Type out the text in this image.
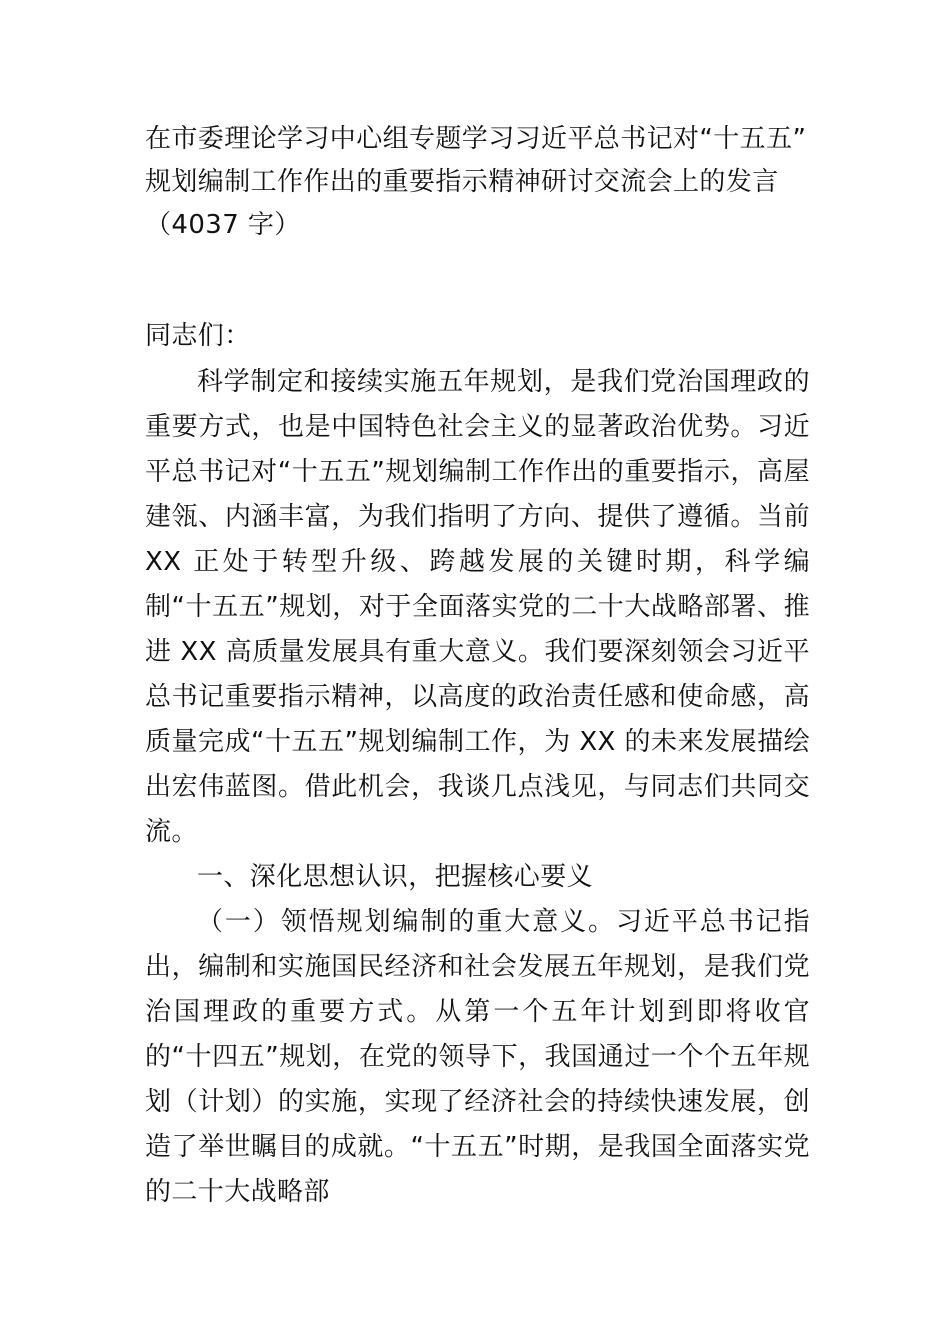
在市委理论学习中心组专题学习习近平总书记对“十五五”
规划编制工作作出的重要指示精神研讨交流会上的发言
（4037 字）

同志们：

科学制定和接续实施五年规划，是我们党治国理政的重要方式，也是中国特色社会主义的显著政治优势。习近平总书记对“十五五”规划编制工作作出的重要指示，高屋建瓴、内涵丰富，为我们指明了方向、提供了遵循。当前XX 正处于转型升级、跨越发展的关键时期，科学编制“十五五”规划，对于全面落实党的二十大战略部署、推进 XX 高质量发展具有重大意义。我们要深刻领会习近平总书记重要指示精神，以高度的政治责任感和使命感，高质量完成“十五五”规划编制工作，为 XX 的未来发展描绘出宏伟蓝图。借此机会，我谈几点浅见，与同志们共同交流。

一、深化思想认识，把握核心要义

（一）领悟规划编制的重大意义。习近平总书记指出，编制和实施国民经济和社会发展五年规划，是我们党治国理政的重要方式。从第一个五年计划到即将收官的“十四五”规划，在党的领导下，我国通过一个个五年规划（计划）的实施，实现了经济社会的持续快速发展，创造了举世瞩目的成就。“十五五”时期，是我国全面落实党的二十大战略部
